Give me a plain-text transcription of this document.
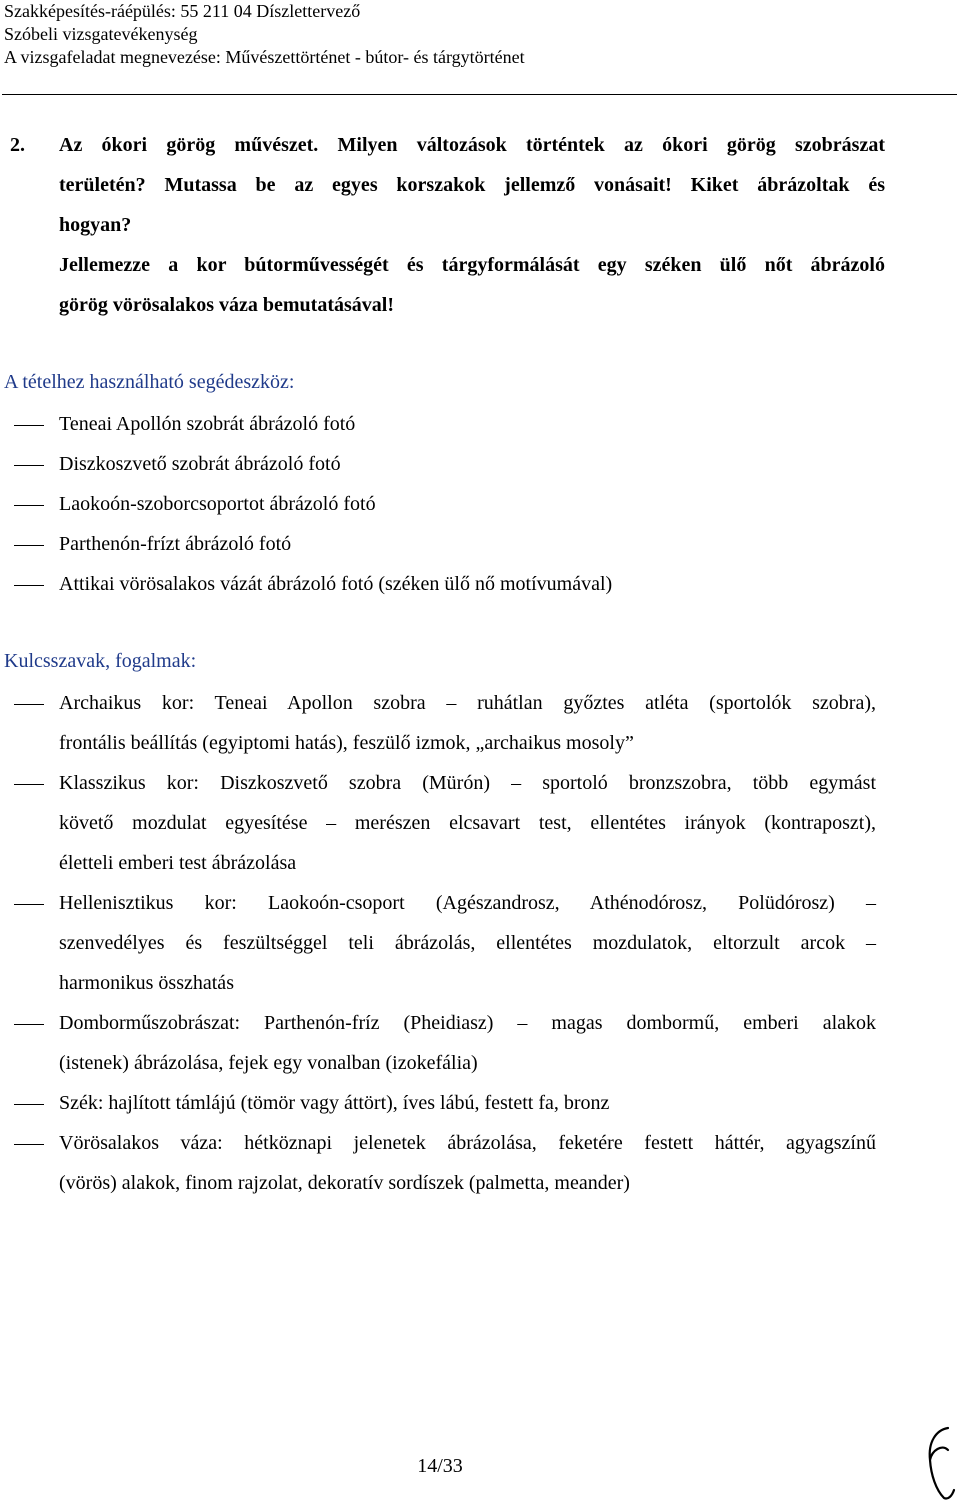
Szakképesítés-ráépülés: 55 211 04 Díszlettervező
Szóbeli vizsgatevékenység
A vizsgafeladat megnevezése: Művészettörténet - bútor- és tárgytörténet
2. Az ókori görög művészet. Milyen változások történtek az ókori görög szobrászat
területén? Mutassa be az egyes korszakok jellemző vonásait! Kiket ábrázoltak és
hogyan?
Jellemezze a kor bútorművességét és tárgyformálását egy széken ülő nőt ábrázoló
görög vörösalakos váza bemutatásával!
A tételhez használható segédeszköz:
Teneai Apollón szobrát ábrázoló fotó
Diszkoszvető szobrát ábrázoló fotó
Laokoón-szoborcsoportot ábrázoló fotó
Parthenón-frízt ábrázoló fotó
Attikai vörösalakos vázát ábrázoló fotó (széken ülő nő motívumával)
Kulcsszavak, fogalmak:
Archaikus kor: Teneai Apollon szobra – ruhátlan győztes atléta (sportolók szobra),
frontális beállítás (egyiptomi hatás), feszülő izmok, „archaikus mosoly”
Klasszikus kor: Diszkoszvető szobra (Mürón) – sportoló bronzszobra, több egymást
követő mozdulat egyesítése – merészen elcsavart test, ellentétes irányok (kontraposzt),
életteli emberi test ábrázolása
Hellenisztikus kor: Laokoón-csoport (Agészandrosz, Athénodórosz, Polüdórosz) –
szenvedélyes és feszültséggel teli ábrázolás, ellentétes mozdulatok, eltorzult arcok –
harmonikus összhatás
Domborműszobrászat: Parthenón-fríz (Pheidiasz) – magas dombormű, emberi alakok
(istenek) ábrázolása, fejek egy vonalban (izokefália)
Szék: hajlított támlájú (tömör vagy áttört), íves lábú, festett fa, bronz
Vörösalakos váza: hétköznapi jelenetek ábrázolása, feketére festett háttér, agyagszínű
(vörös) alakok, finom rajzolat, dekoratív sordíszek (palmetta, meander)
14/33
